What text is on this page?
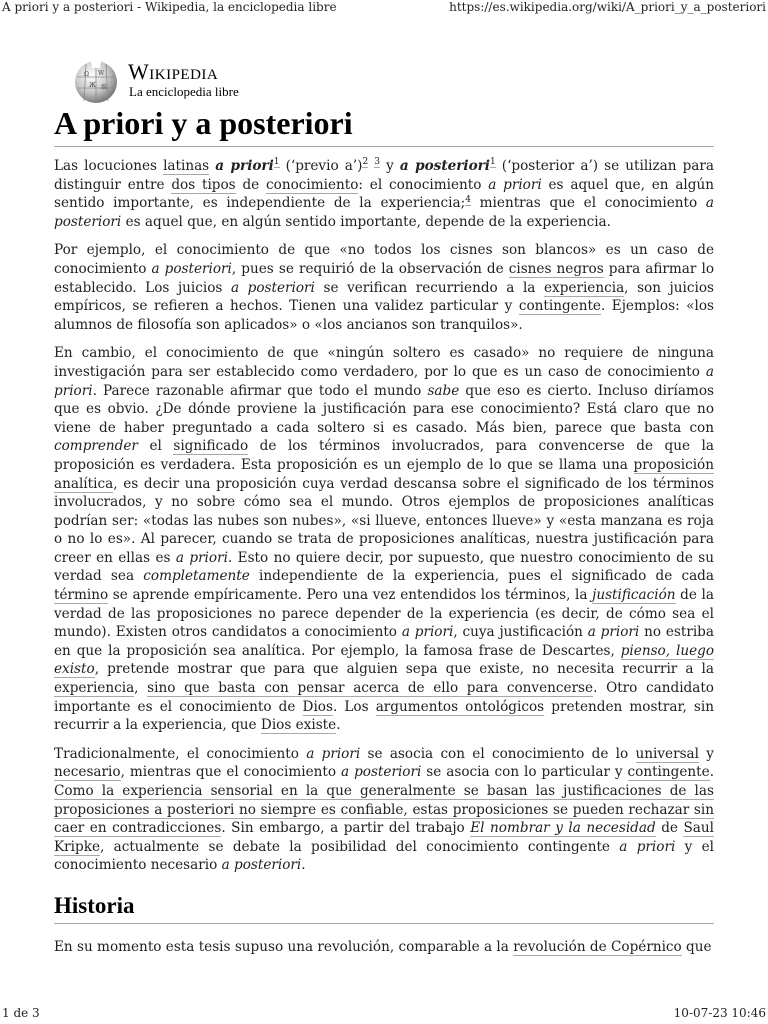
A priori y a posteriori - Wikipedia, la enciclopedia libre	https://es.wikipedia.org/wiki/A_priori_y_a_posteriori
Ω W
Ж 維
Wikipedia
La enciclopedia libre
A priori y a posteriori

Las locuciones latinas a priori$^1$ (‘previo a’)$^2$ $^3$ y a posteriori$^1$ (‘posterior a’) se utilizan para distinguir entre dos tipos de conocimiento: el conocimiento a priori es aquel que, en algún sentido importante, es independiente de la experiencia;$^4$ mientras que el conocimiento a posteriori es aquel que, en algún sentido importante, depende de la experiencia.

Por ejemplo, el conocimiento de que «no todos los cisnes son blancos» es un caso de conocimiento a posteriori, pues se requirió de la observación de cisnes negros para afirmar lo establecido. Los juicios a posteriori se verifican recurriendo a la experiencia, son juicios empíricos, se refieren a hechos. Tienen una validez particular y contingente. Ejemplos: «los alumnos de filosofía son aplicados» o «los ancianos son tranquilos».

En cambio, el conocimiento de que «ningún soltero es casado» no requiere de ninguna investigación para ser establecido como verdadero, por lo que es un caso de conocimiento a priori. Parece razonable afirmar que todo el mundo sabe que eso es cierto. Incluso diríamos que es obvio. ¿De dónde proviene la justificación para ese conocimiento? Está claro que no viene de haber preguntado a cada soltero si es casado. Más bien, parece que basta con comprender el significado de los términos involucrados, para convencerse de que la proposición es verdadera. Esta proposición es un ejemplo de lo que se llama una proposición analítica, es decir una proposición cuya verdad descansa sobre el significado de los términos involucrados, y no sobre cómo sea el mundo. Otros ejemplos de proposiciones analíticas podrían ser: «todas las nubes son nubes», «si llueve, entonces llueve» y «esta manzana es roja o no lo es». Al parecer, cuando se trata de proposiciones analíticas, nuestra justificación para creer en ellas es a priori. Esto no quiere decir, por supuesto, que nuestro conocimiento de su verdad sea completamente independiente de la experiencia, pues el significado de cada término se aprende empíricamente. Pero una vez entendidos los términos, la justificación de la verdad de las proposiciones no parece depender de la experiencia (es decir, de cómo sea el mundo). Existen otros candidatos a conocimiento a priori, cuya justificación a priori no estriba en que la proposición sea analítica. Por ejemplo, la famosa frase de Descartes, pienso, luego existo, pretende mostrar que para que alguien sepa que existe, no necesita recurrir a la experiencia, sino que basta con pensar acerca de ello para convencerse. Otro candidato importante es el conocimiento de Dios. Los argumentos ontológicos pretenden mostrar, sin recurrir a la experiencia, que Dios existe.

Tradicionalmente, el conocimiento a priori se asocia con el conocimiento de lo universal y necesario, mientras que el conocimiento a posteriori se asocia con lo particular y contingente. Como la experiencia sensorial en la que generalmente se basan las justificaciones de las proposiciones a posteriori no siempre es confiable, estas proposiciones se pueden rechazar sin caer en contradicciones. Sin embargo, a partir del trabajo El nombrar y la necesidad de Saul Kripke, actualmente se debate la posibilidad del conocimiento contingente a priori y el conocimiento necesario a posteriori.

Historia

En su momento esta tesis supuso una revolución, comparable a la revolución de Copérnico que

1 de 3	10-07-23 10:46
